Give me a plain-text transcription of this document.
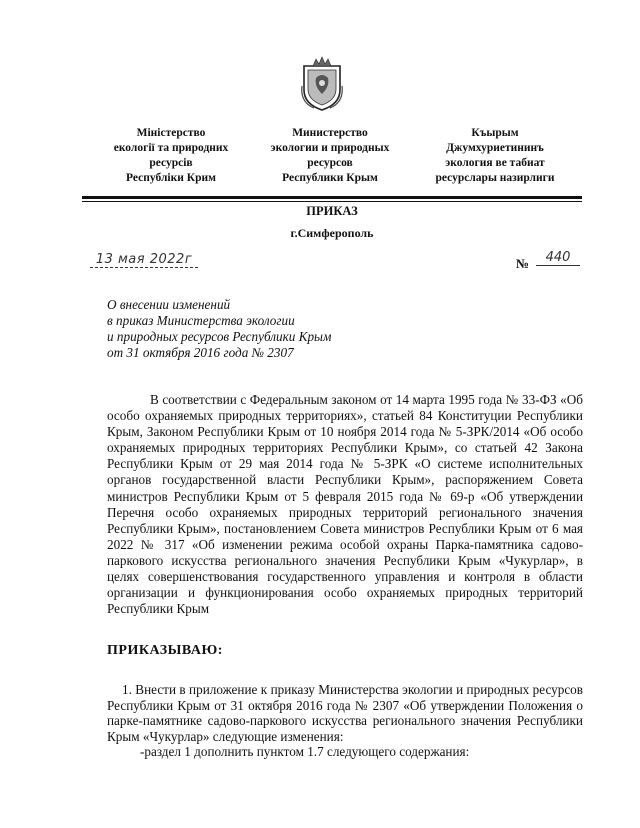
Міністерство
екології та природних
ресурсів
Республіки Крим
Министерство
экологии и природных
ресурсов
Республики Крым
Къырым
Джумхуриетининъ
экология ве табиат
ресурслары назирлиги
ПРИКАЗ
г.Симферополь
13 мая 2022г	№	440
О внесении изменений
в приказ Министерства экологии
и природных ресурсов Республики Крым
от 31 октября 2016 года № 2307

В соответствии с Федеральным законом от 14 марта 1995 года № 33-ФЗ «Об особо охраняемых природных территориях», статьей 84 Конституции Республики Крым, Законом Республики Крым от 10 ноября 2014 года № 5-ЗРК/2014 «Об особо охраняемых природных территориях Республики Крым», со статьей 42 Закона Республики Крым от 29 мая 2014 года № 5-ЗРК «О системе исполнительных органов государственной власти Республики Крым», распоряжением Совета министров Республики Крым от 5 февраля 2015 года № 69-р «Об утверждении Перечня особо охраняемых природных территорий регионального значения Республики Крым», постановлением Совета министров Республики Крым от 6 мая 2022 № 317 «Об изменении режима особой охраны Парка-памятника садово-паркового искусства регионального значения Республики Крым «Чукурлар», в целях совершенствования государственного управления и контроля в области организации и функционирования особо охраняемых природных территорий Республики Крым

ПРИКАЗЫВАЮ:

1. Внести в приложение к приказу Министерства экологии и природных ресурсов Республики Крым от 31 октября 2016 года № 2307 «Об утверждении Положения о парке-памятнике садово-паркового искусства регионального значения Республики Крым «Чукурлар» следующие изменения:

-раздел 1 дополнить пунктом 1.7 следующего содержания:
